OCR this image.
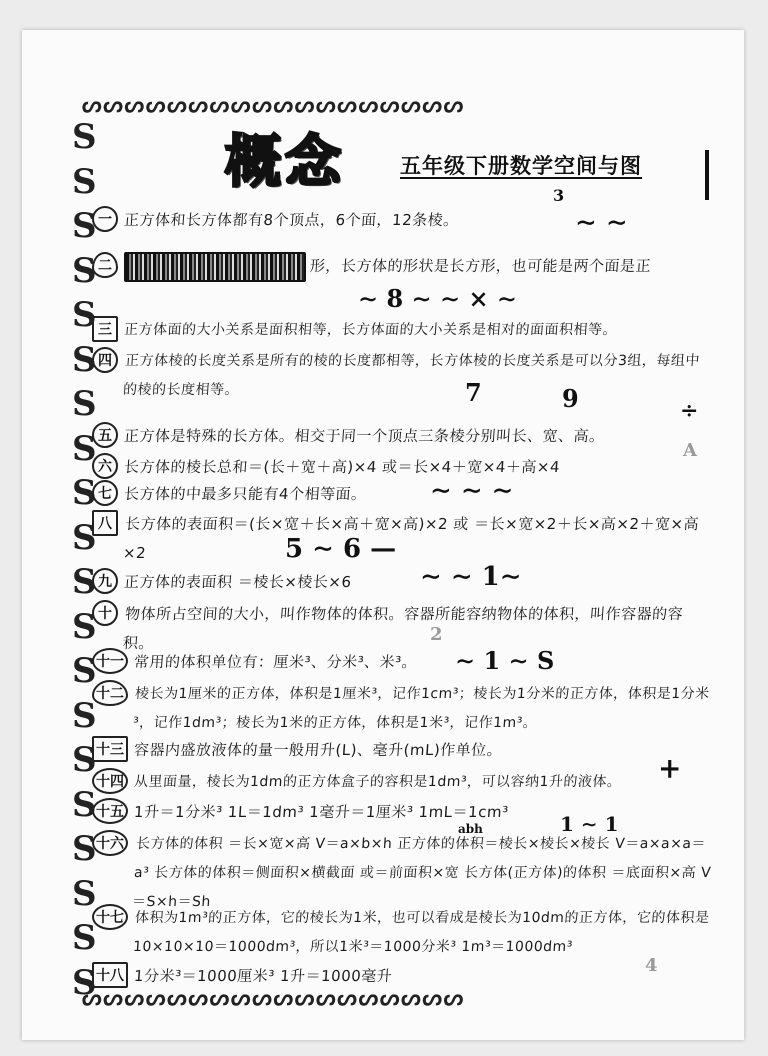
ᔕ ᔕ ᔕ ᔕ ᔕ ᔕ ᔕ ᔕ ᔕ ᔕ ᔕ ᔕ ᔕ ᔕ ᔕ ᔕ ᔕ ᔕ
ᔕ ᔕ ᔕ ᔕ ᔕ ᔕ ᔕ ᔕ ᔕ ᔕ ᔕ ᔕ ᔕ ᔕ ᔕ ᔕ ᔕ ᔕ
S
S
S
S
S
S
S
S
S
S
S
S
S
S
S
S
S
S
S
S
概念	五年级下册数学空间与图
一 正方体和长方体都有8个顶点，6个面，12条棱。
二	形，长方体的形状是长方形，也可能是两个面是正
三 正方体面的大小关系是面积相等，长方体面的大小关系是相对的面面积相等。
四 正方体棱的长度关系是所有的棱的长度都相等，长方体棱的长度关系是可以分3组，每组中的棱的长度相等。
五 正方体是特殊的长方体。相交于同一个顶点三条棱分别叫长、宽、高。
六 长方体的棱长总和＝(长＋宽＋高)×4 或＝长×4＋宽×4＋高×4
七 长方体的中最多只能有4个相等面。
八 长方体的表面积＝(长×宽＋长×高＋宽×高)×2 或 ＝长×宽×2＋长×高×2＋宽×高×2
九 正方体的表面积 ＝棱长×棱长×6
十 物体所占空间的大小，叫作物体的体积。容器所能容纳物体的体积，叫作容器的容积。
十一 常用的体积单位有：厘米³、分米³、米³。
十二 棱长为1厘米的正方体，体积是1厘米³，记作1cm³；棱长为1分米的正方体，体积是1分米³，记作1dm³；棱长为1米的正方体，体积是1米³，记作1m³。
十三 容器内盛放液体的量一般用升(L)、毫升(mL)作单位。
十四 从里面量，棱长为1dm的正方体盒子的容积是1dm³，可以容纳1升的液体。
十五 1升＝1分米³ 1L＝1dm³ 1毫升＝1厘米³ 1mL＝1cm³
十六 长方体的体积 ＝长×宽×高 V＝a×b×h 正方体的体积＝棱长×棱长×棱长 V＝a×a×a＝a³ 长方体的体积＝侧面积×横截面 或＝前面积×宽 长方体(正方体)的体积 ＝底面积×高 V＝S×h＝Sh
十七 体积为1m³的正方体，它的棱长为1米，也可以看成是棱长为10dm的正方体，它的体积是10×10×10＝1000dm³，所以1米³＝1000分米³ 1m³＝1000dm³
十八 1分米³＝1000厘米³ 1升＝1000毫升
3
∼ ∼
∼ 8 ∼ ∼ × ∼
7	9	÷
A
∼ ∼ ∼
5 ∼ 6 —
∼ ∼ 1∼
2
∼ 1 ∼ S
+
abh	1 ∼ 1
4
